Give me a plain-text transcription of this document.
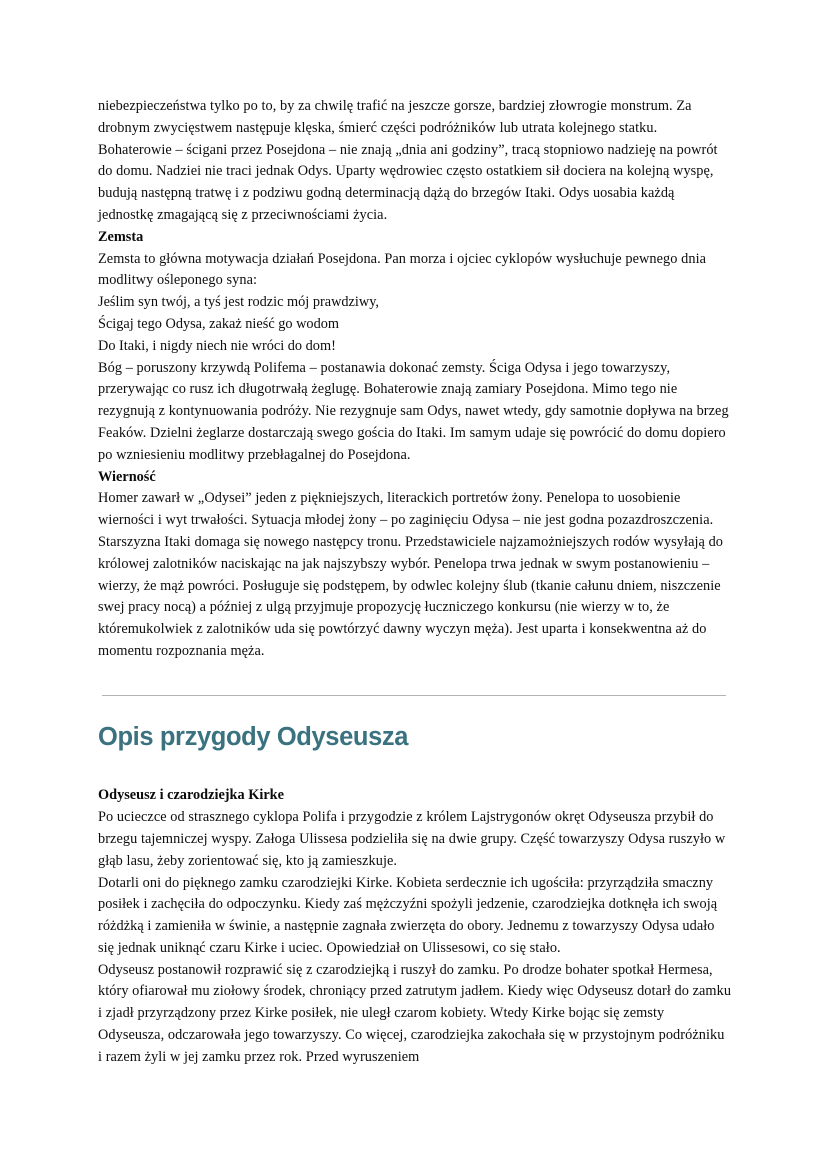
niebezpieczeństwa tylko po to, by za chwilę trafić na jeszcze gorsze, bardziej złowrogie monstrum. Za drobnym zwycięstwem następuje klęska, śmierć części podróżników lub utrata kolejnego statku. Bohaterowie – ścigani przez Posejdona – nie znają „dnia ani godziny”, tracą stopniowo nadzieję na powrót do domu. Nadziei nie traci jednak Odys. Uparty wędrowiec często ostatkiem sił dociera na kolejną wyspę, budują następną tratwę i z podziwu godną determinacją dążą do brzegów Itaki. Odys uosabia każdą jednostkę zmagającą się z przeciwnościami życia.

Zemsta

Zemsta to główna motywacja działań Posejdona. Pan morza i ojciec cyklopów wysłuchuje pewnego dnia modlitwy ośleponego syna:

Jeślim syn twój, a tyś jest rodzic mój prawdziwy,

Ścigaj tego Odysa, zakaż nieść go wodom

Do Itaki, i nigdy niech nie wróci do dom!

Bóg – poruszony krzywdą Polifema – postanawia dokonać zemsty. Ściga Odysa i jego towarzyszy, przerywając co rusz ich długotrwałą żeglugę. Bohaterowie znają zamiary Posejdona. Mimo tego nie rezygnują z kontynuowania podróży. Nie rezygnuje sam Odys, nawet wtedy, gdy samotnie dopływa na brzeg Feaków. Dzielni żeglarze dostarczają swego gościa do Itaki. Im samym udaje się powrócić do domu dopiero po wzniesieniu modlitwy przebłagalnej do Posejdona.

Wierność

Homer zawarł w „Odysei” jeden z piękniejszych, literackich portretów żony. Penelopa to uosobienie wierności i wyt trwałości. Sytuacja młodej żony – po zaginięciu Odysa – nie jest godna pozazdroszczenia. Starszyzna Itaki domaga się nowego następcy tronu. Przedstawiciele najzamożniejszych rodów wysyłają do królowej zalotników naciskając na jak najszybszy wybór. Penelopa trwa jednak w swym postanowieniu – wierzy, że mąż powróci. Posługuje się podstępem, by odwlec kolejny ślub (tkanie całunu dniem, niszczenie swej pracy nocą) a później z ulgą przyjmuje propozycję łuczniczego konkursu (nie wierzy w to, że któremukolwiek z zalotników uda się powtórzyć dawny wyczyn męża). Jest uparta i konsekwentna aż do momentu rozpoznania męża.

Opis przygody Odyseusza

Odyseusz i czarodziejka Kirke

Po ucieczce od strasznego cyklopa Polifa i przygodzie z królem Lajstrygonów okręt Odyseusza przybił do brzegu tajemniczej wyspy. Załoga Ulissesa podzieliła się na dwie grupy. Część towarzyszy Odysa ruszyło w głąb lasu, żeby zorientować się, kto ją zamieszkuje.

Dotarli oni do pięknego zamku czarodziejki Kirke. Kobieta serdecznie ich ugościła: przyrządziła smaczny posiłek i zachęciła do odpoczynku. Kiedy zaś mężczyźni spożyli jedzenie, czarodziejka dotknęła ich swoją różdżką i zamieniła w świnie, a następnie zagnała zwierzęta do obory. Jednemu z towarzyszy Odysa udało się jednak uniknąć czaru Kirke i uciec. Opowiedział on Ulissesowi, co się stało.

Odyseusz postanowił rozprawić się z czarodziejką i ruszył do zamku. Po drodze bohater spotkał Hermesa, który ofiarował mu ziołowy środek, chroniący przed zatrutym jadłem. Kiedy więc Odyseusz dotarł do zamku i zjadł przyrządzony przez Kirke posiłek, nie uległ czarom kobiety. Wtedy Kirke bojąc się zemsty Odyseusza, odczarowała jego towarzyszy. Co więcej, czarodziejka zakochała się w przystojnym podróżniku i razem żyli w jej zamku przez rok. Przed wyruszeniem
